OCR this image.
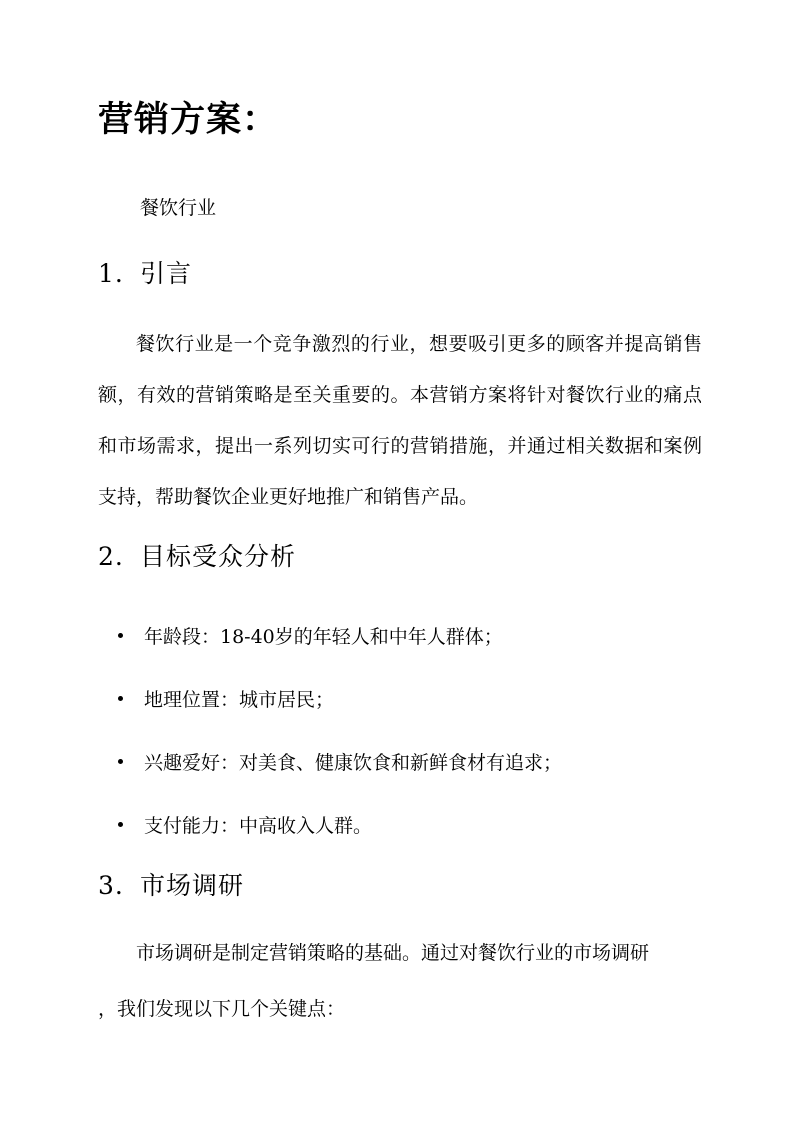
营销方案：

餐饮行业

1. 引言

餐饮行业是一个竞争激烈的行业，想要吸引更多的顾客并提高销售额，有效的营销策略是至关重要的。本营销方案将针对餐饮行业的痛点和市场需求，提出一系列切实可行的营销措施，并通过相关数据和案例支持，帮助餐饮企业更好地推广和销售产品。

2. 目标受众分析
年龄段：18-40岁的年轻人和中年人群体；
地理位置：城市居民；
兴趣爱好：对美食、健康饮食和新鲜食材有追求；
支付能力：中高收入人群。
3. 市场调研

市场调研是制定营销策略的基础。通过对餐饮行业的市场调研
，我们发现以下几个关键点：
